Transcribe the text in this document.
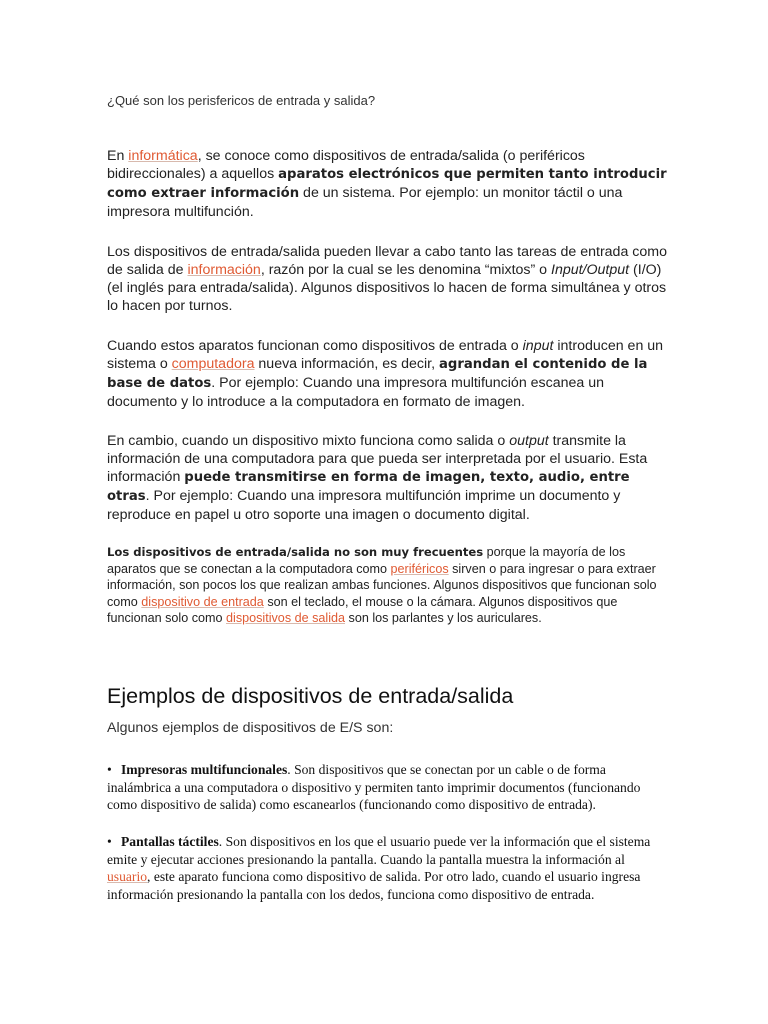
¿Qué son los perisfericos de entrada y salida?

En informática, se conoce como dispositivos de entrada/salida (o periféricos bidireccionales) a aquellos aparatos electrónicos que permiten tanto introducir como extraer información de un sistema. Por ejemplo: un monitor táctil o una impresora multifunción.

Los dispositivos de entrada/salida pueden llevar a cabo tanto las tareas de entrada como de salida de información, razón por la cual se les denomina “mixtos” o Input/Output (I/O) (el inglés para entrada/salida). Algunos dispositivos lo hacen de forma simultánea y otros lo hacen por turnos.

Cuando estos aparatos funcionan como dispositivos de entrada o input introducen en un sistema o computadora nueva información, es decir, agrandan el contenido de la base de datos. Por ejemplo: Cuando una impresora multifunción escanea un documento y lo introduce a la computadora en formato de imagen.

En cambio, cuando un dispositivo mixto funciona como salida o output transmite la información de una computadora para que pueda ser interpretada por el usuario. Esta información puede transmitirse en forma de imagen, texto, audio, entre otras. Por ejemplo: Cuando una impresora multifunción imprime un documento y reproduce en papel u otro soporte una imagen o documento digital.

Los dispositivos de entrada/salida no son muy frecuentes porque la mayoría de los aparatos que se conectan a la computadora como periféricos sirven o para ingresar o para extraer información, son pocos los que realizan ambas funciones. Algunos dispositivos que funcionan solo como dispositivo de entrada son el teclado, el mouse o la cámara. Algunos dispositivos que funcionan solo como dispositivos de salida son los parlantes y los auriculares.

Ejemplos de dispositivos de entrada/salida

Algunos ejemplos de dispositivos de E/S son:

• Impresoras multifuncionales. Son dispositivos que se conectan por un cable o de forma inalámbrica a una computadora o dispositivo y permiten tanto imprimir documentos (funcionando como dispositivo de salida) como escanearlos (funcionando como dispositivo de entrada).

• Pantallas táctiles. Son dispositivos en los que el usuario puede ver la información que el sistema emite y ejecutar acciones presionando la pantalla. Cuando la pantalla muestra la información al usuario, este aparato funciona como dispositivo de salida. Por otro lado, cuando el usuario ingresa información presionando la pantalla con los dedos, funciona como dispositivo de entrada.
